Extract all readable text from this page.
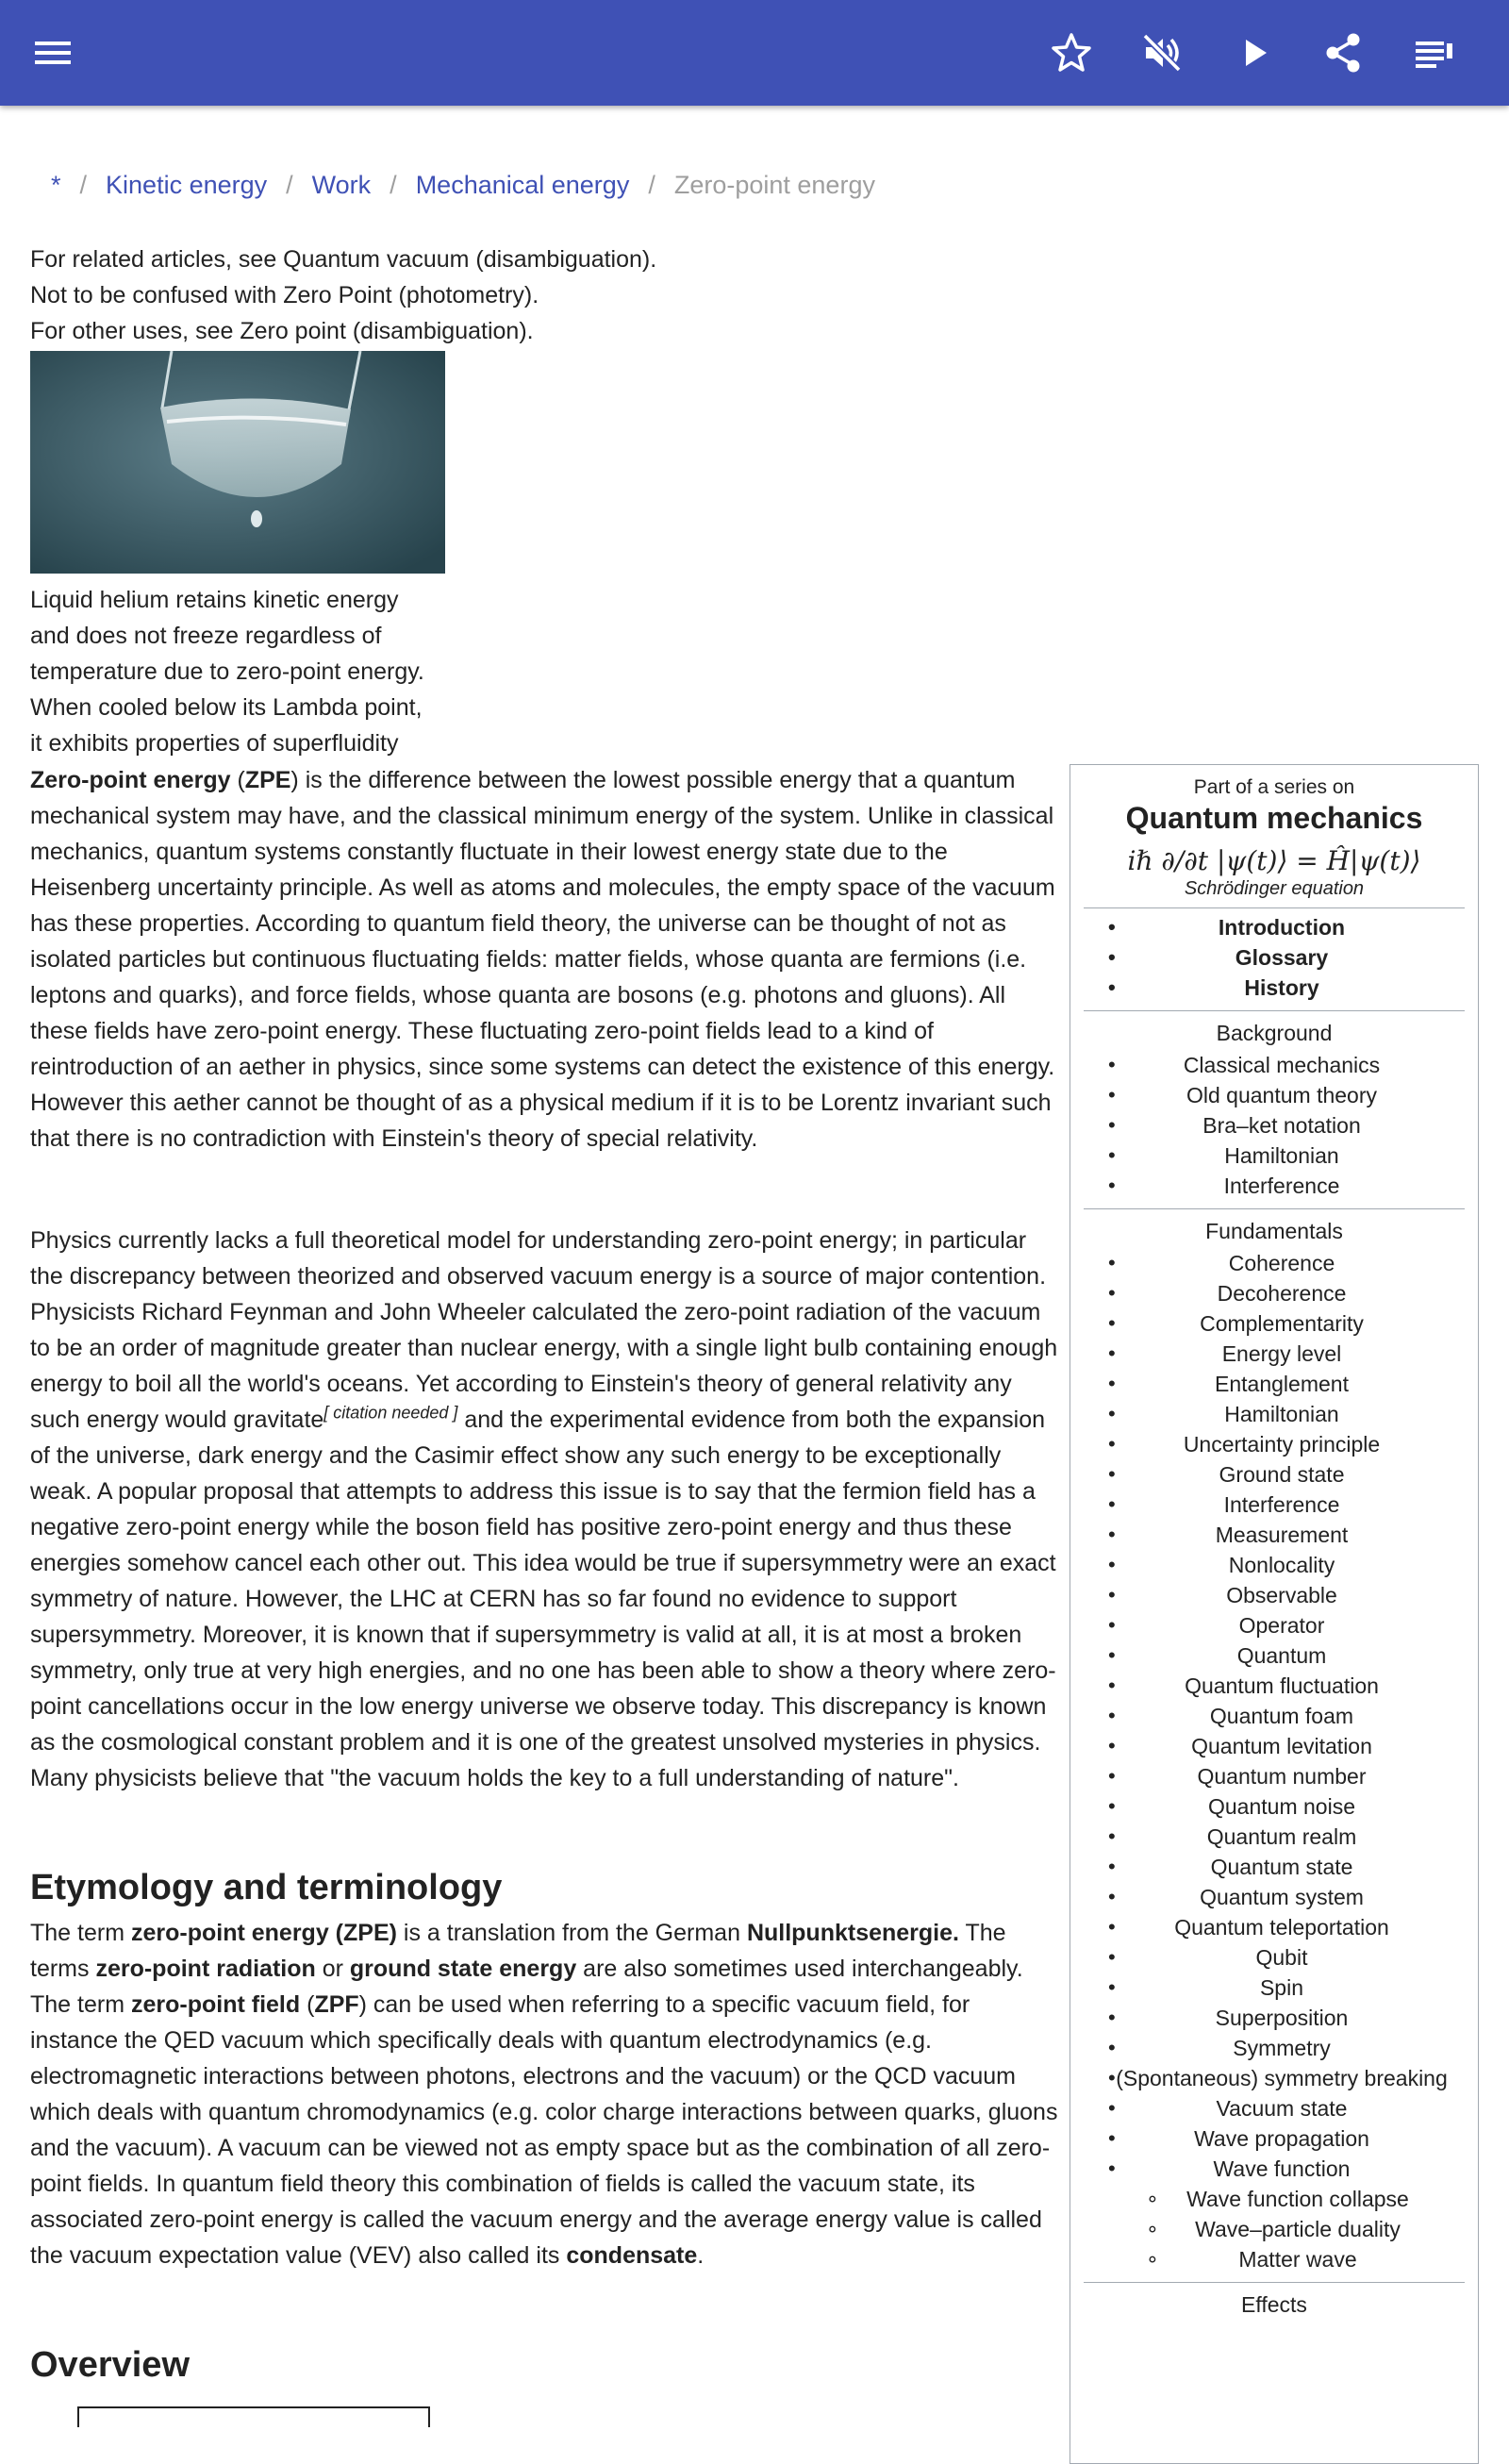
* / Kinetic energy / Work / Mechanical energy / Zero-point energy
For related articles, see Quantum vacuum (disambiguation).
Not to be confused with Zero Point (photometry).
For other uses, see Zero point (disambiguation).
Liquid helium retains kinetic energy
and does not freeze regardless of
temperature due to zero-point energy.
When cooled below its Lambda point,
it exhibits properties of superfluidity

Zero-point energy (ZPE) is the difference between the lowest possible energy that a quantum mechanical system may have, and the classical minimum energy of the system. Unlike in classical mechanics, quantum systems constantly fluctuate in their lowest energy state due to the Heisenberg uncertainty principle. As well as atoms and molecules, the empty space of the vacuum has these properties. According to quantum field theory, the universe can be thought of not as isolated particles but continuous fluctuating fields: matter fields, whose quanta are fermions (i.e. leptons and quarks), and force fields, whose quanta are bosons (e.g. photons and gluons). All these fields have zero-point energy. These fluctuating zero-point fields lead to a kind of reintroduction of an aether in physics, since some systems can detect the existence of this energy. However this aether cannot be thought of as a physical medium if it is to be Lorentz invariant such that there is no contradiction with Einstein's theory of special relativity.

Physics currently lacks a full theoretical model for understanding zero-point energy; in particular the discrepancy between theorized and observed vacuum energy is a source of major contention. Physicists Richard Feynman and John Wheeler calculated the zero-point radiation of the vacuum to be an order of magnitude greater than nuclear energy, with a single light bulb containing enough energy to boil all the world's oceans. Yet according to Einstein's theory of general relativity any such energy would gravitate[ citation needed ] and the experimental evidence from both the expansion of the universe, dark energy and the Casimir effect show any such energy to be exceptionally weak. A popular proposal that attempts to address this issue is to say that the fermion field has a negative zero-point energy while the boson field has positive zero-point energy and thus these energies somehow cancel each other out. This idea would be true if supersymmetry were an exact symmetry of nature. However, the LHC at CERN has so far found no evidence to support supersymmetry. Moreover, it is known that if supersymmetry is valid at all, it is at most a broken symmetry, only true at very high energies, and no one has been able to show a theory where zero-point cancellations occur in the low energy universe we observe today. This discrepancy is known as the cosmological constant problem and it is one of the greatest unsolved mysteries in physics. Many physicists believe that "the vacuum holds the key to a full understanding of nature".

Etymology and terminology

The term zero-point energy (ZPE) is a translation from the German Nullpunktsenergie. The terms zero-point radiation or ground state energy are also sometimes used interchangeably. The term zero-point field (ZPF) can be used when referring to a specific vacuum field, for instance the QED vacuum which specifically deals with quantum electrodynamics (e.g. electromagnetic interactions between photons, electrons and the vacuum) or the QCD vacuum which deals with quantum chromodynamics (e.g. color charge interactions between quarks, gluons and the vacuum). A vacuum can be viewed not as empty space but as the combination of all zero-point fields. In quantum field theory this combination of fields is called the vacuum state, its associated zero-point energy is called the vacuum energy and the average energy value is called the vacuum expectation value (VEV) also called its condensate.

Overview
Part of a series on
Quantum mechanics
iℏ ∂/∂t |ψ(t)⟩ = Ĥ|ψ(t)⟩
Schrödinger equation
• Introduction
• Glossary
• History
Background
• Classical mechanics
• Old quantum theory
• Bra–ket notation
• Hamiltonian
• Interference
Fundamentals
• Coherence
• Decoherence
• Complementarity
• Energy level
• Entanglement
• Hamiltonian
• Uncertainty principle
• Ground state
• Interference
• Measurement
• Nonlocality
• Observable
• Operator
• Quantum
• Quantum fluctuation
• Quantum foam
• Quantum levitation
• Quantum number
• Quantum noise
• Quantum realm
• Quantum state
• Quantum system
• Quantum teleportation
• Qubit
• Spin
• Superposition
• Symmetry
• (Spontaneous) symmetry breaking
• Vacuum state
• Wave propagation
• Wave function
∘ Wave function collapse
∘ Wave–particle duality
∘ Matter wave
Effects
